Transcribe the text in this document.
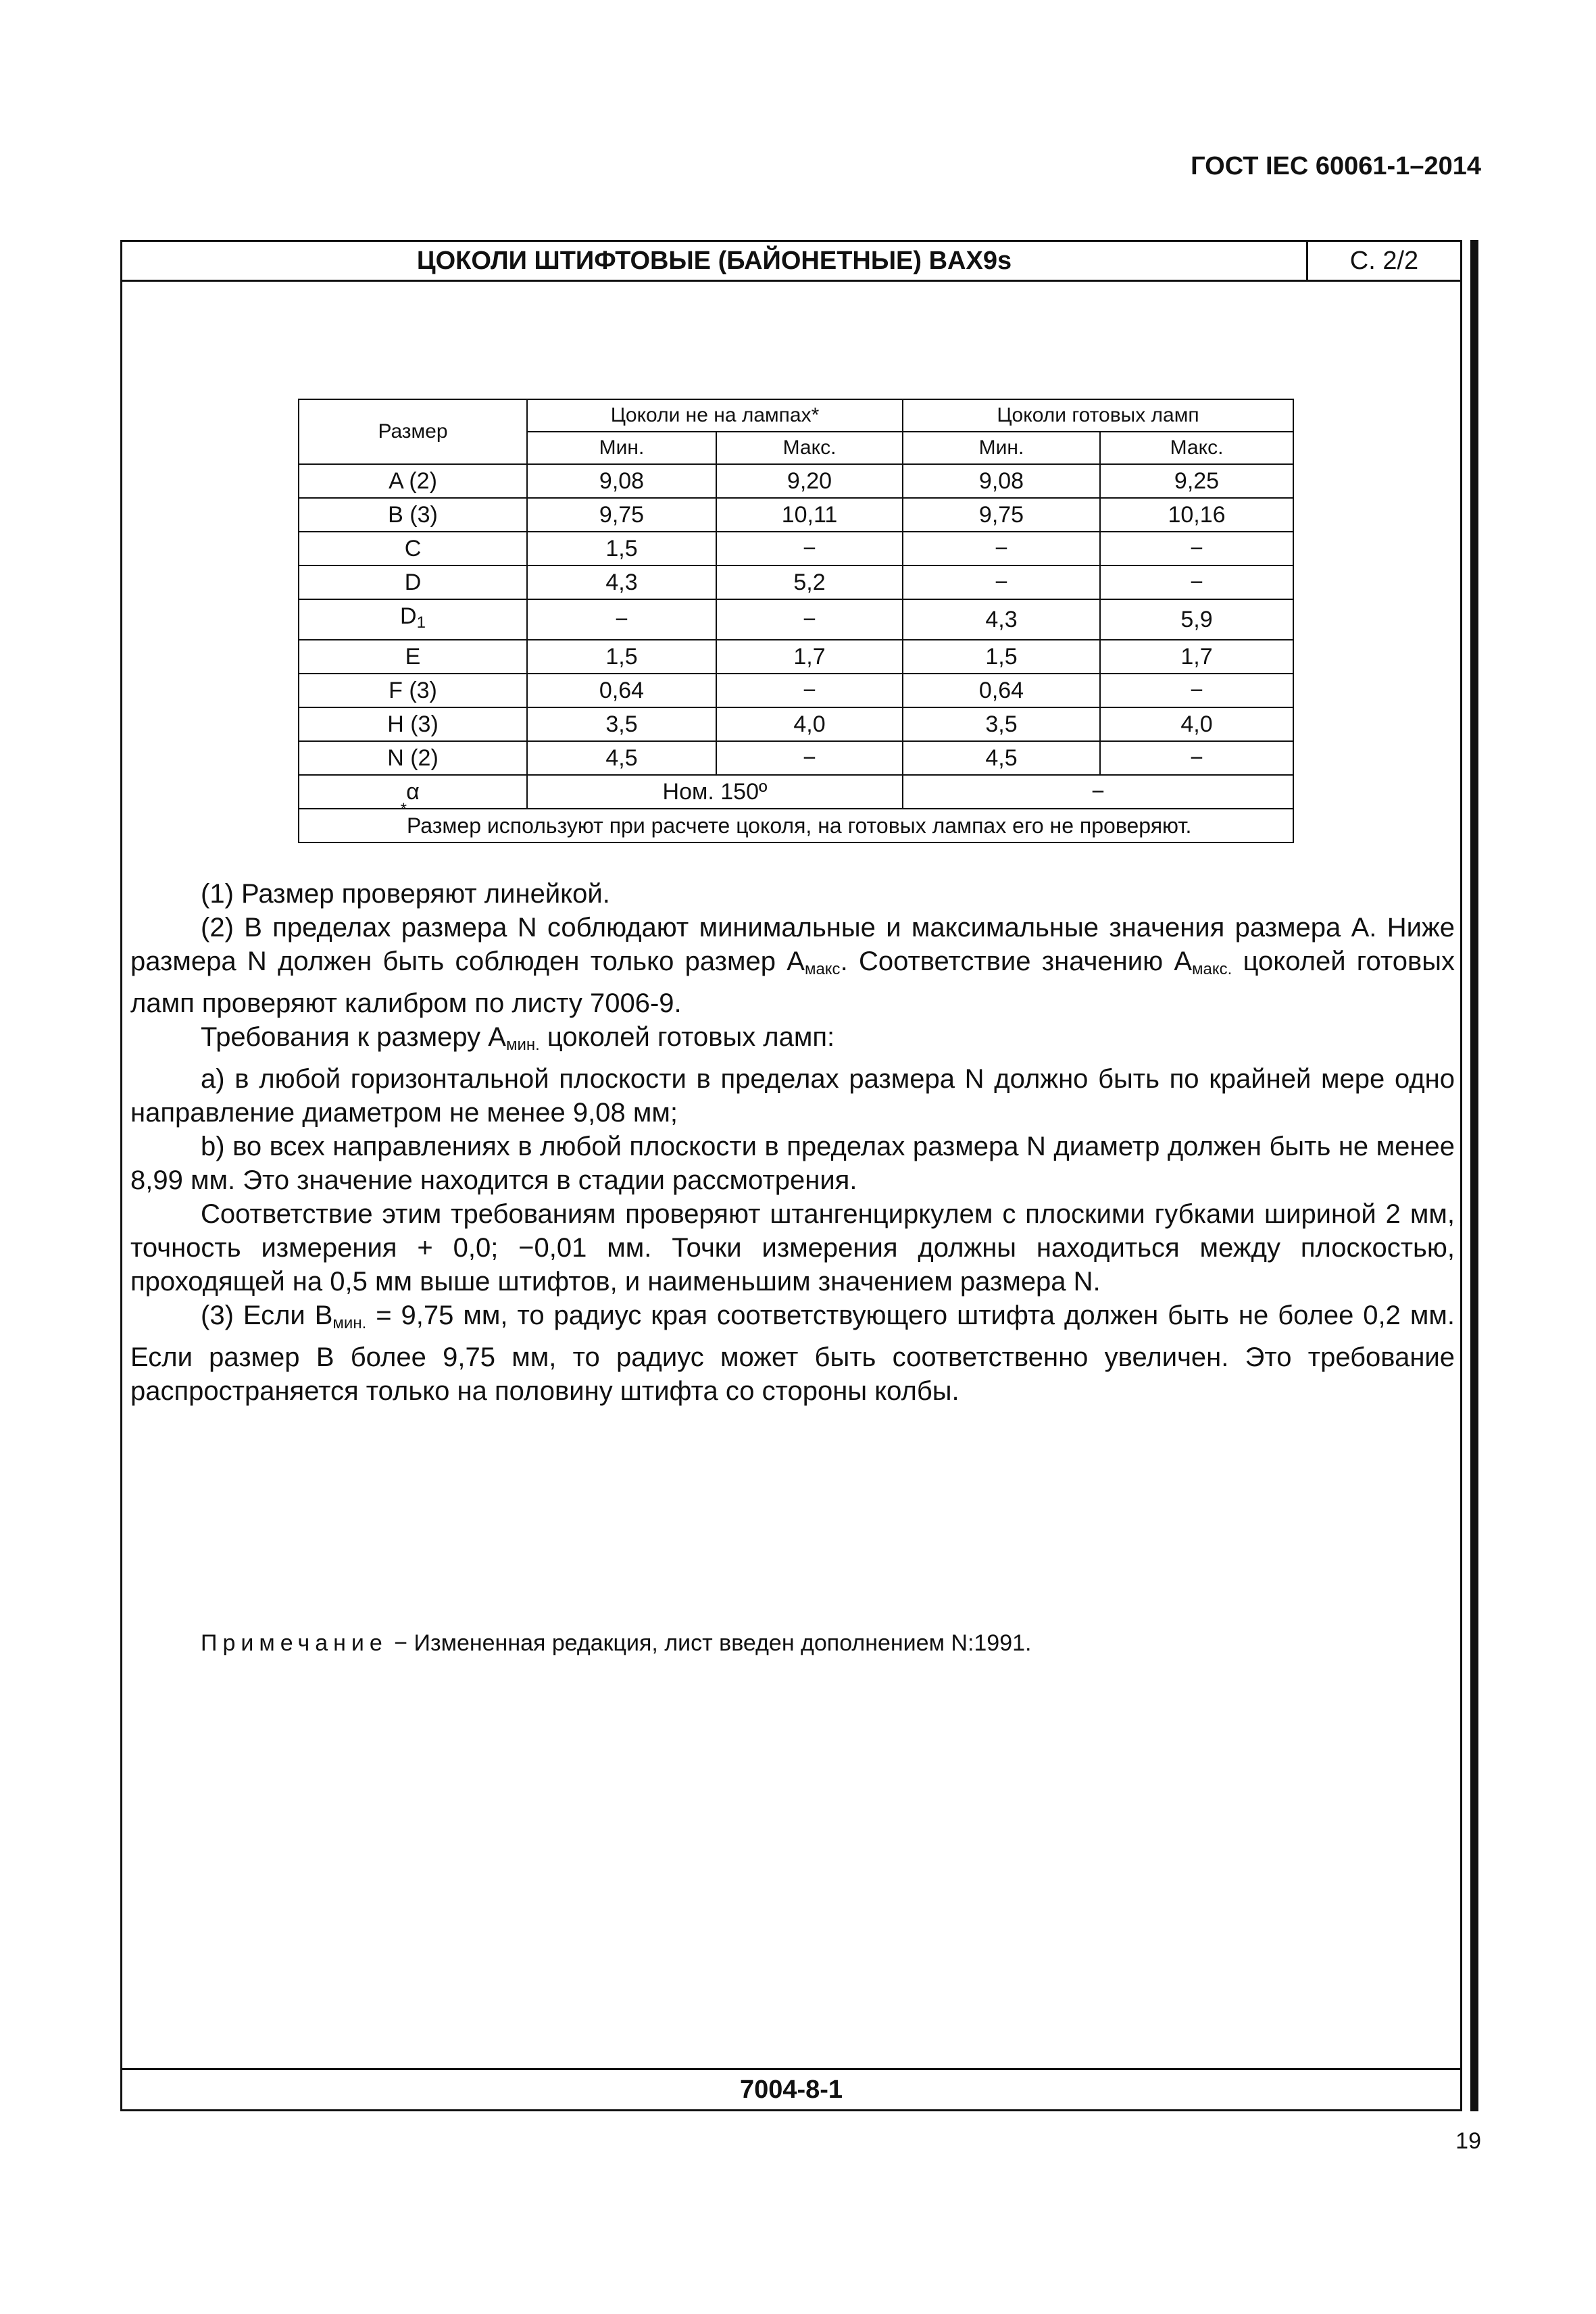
ГОСТ IEC 60061-1–2014
ЦОКОЛИ ШТИФТОВЫЕ (БАЙОНЕТНЫЕ) BAX9s	С. 2/2
Размер	Цоколи не на лампах*		Цоколи готовых ламп	
	Мин.	Макс.	Мин.	Макс.
A (2)	9,08	9,20	9,08	9,25
B (3)	9,75	10,11	9,75	10,16
C	1,5	−	−	−
D	4,3	5,2	−	−
$D_1$	−	−	4,3	5,9
E	1,5	1,7	1,5	1,7
F (3)	0,64	−	0,64	−
H (3)	3,5	4,0	3,5	4,0
N (2)	4,5	−	4,5	−
α	Ном. 150º		−	
*Размер используют при расчете цоколя, на готовых лампах его не проверяют.				

(1) Размер проверяют линейкой.

(2) В пределах размера N соблюдают минимальные и максимальные значения размера A. Ниже размера N должен быть соблюден только размер $A_{макс}$. Соответствие значению $A_{макс.}$ цоколей готовых ламп проверяют калибром по листу 7006-9.

Требования к размеру $A_{мин.}$ цоколей готовых ламп:

a) в любой горизонтальной плоскости в пределах размера N должно быть по крайней мере одно направление диаметром не менее 9,08 мм;

b) во всех направлениях в любой плоскости в пределах размера N диаметр должен быть не менее 8,99 мм. Это значение находится в стадии рассмотрения.

Соответствие этим требованиям проверяют штангенциркулем с плоскими губками шириной 2 мм, точность измерения + 0,0; −0,01 мм. Точки измерения должны находиться между плоскостью, проходящей на 0,5 мм выше штифтов, и наименьшим значением размера N.

(3) Если $B_{мин.} = 9,75$ мм, то радиус края соответствующего штифта должен быть не более 0,2 мм. Если размер B более 9,75 мм, то радиус может быть соответственно увеличен. Это требование распространяется только на половину штифта со стороны колбы.

Примечание − Измененная редакция, лист введен дополнением N:1991.
7004-8-1
19
